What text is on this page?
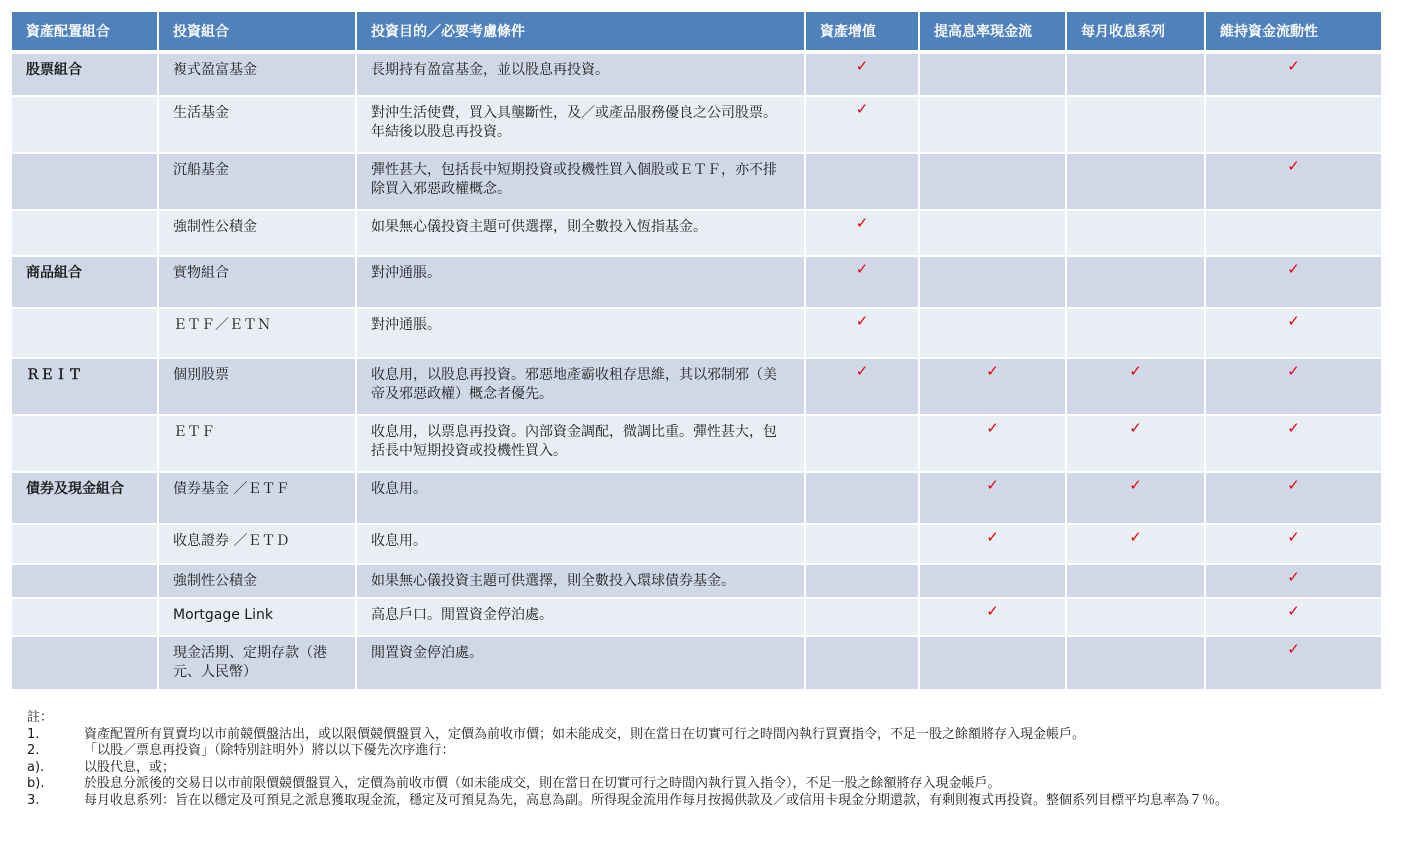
資產配置組合	投資組合	投資目的／必要考慮條件	資產增值	提高息率現金流	每月收息系列	維持資金流動性
股票組合	複式盈富基金	長期持有盈富基金，並以股息再投資。	✓			✓
	生活基金	對沖生活使費，買入具壟斷性，及／或產品服務優良之公司股票。年結後以股息再投資。	✓			
	沉船基金	彈性甚大，包括長中短期投資或投機性買入個股或ＥＴＦ，亦不排除買入邪惡政權概念。				✓
	強制性公積金	如果無心儀投資主題可供選擇，則全數投入恆指基金。	✓			
商品組合	實物組合	對沖通脹。	✓			✓
	ＥＴＦ／ＥＴＮ	對沖通脹。	✓			✓
ＲＥＩＴ	個別股票	收息用，以股息再投資。邪惡地產霸收租存思維，其以邪制邪（美帝及邪惡政權）概念者優先。	✓	✓	✓	✓
	ＥＴＦ	收息用，以票息再投資。內部資金調配，微調比重。彈性甚大，包括長中短期投資或投機性買入。		✓	✓	✓
債券及現金組合	債券基金 ／ＥＴＦ	收息用。		✓	✓	✓
	收息證券 ／ＥＴＤ	收息用。		✓	✓	✓
	強制性公積金	如果無心儀投資主題可供選擇，則全數投入環球債券基金。				✓
	Mortgage Link	高息戶口。閒置資金停泊處。		✓		✓
	現金活期、定期存款（港元、人民幣）	閒置資金停泊處。				✓
註：
1.	資產配置所有買賣均以市前競價盤沽出，或以限價競價盤買入，定價為前收市價；如未能成交，則在當日在切實可行之時間內執行買賣指令，不足一股之餘額將存入現金帳戶。
2.	「以股／票息再投資」（除特別註明外）將以以下優先次序進行：
a).	以股代息，或；
b).	於股息分派後的交易日以市前限價競價盤買入，定價為前收市價（如未能成交，則在當日在切實可行之時間內執行買入指令），不足一股之餘額將存入現金帳戶。
3.	每月收息系列：旨在以穩定及可預見之派息獲取現金流，穩定及可預見為先，高息為副。所得現金流用作每月按揭供款及／或信用卡現金分期還款，有剩則複式再投資。整個系列目標平均息率為７％。
